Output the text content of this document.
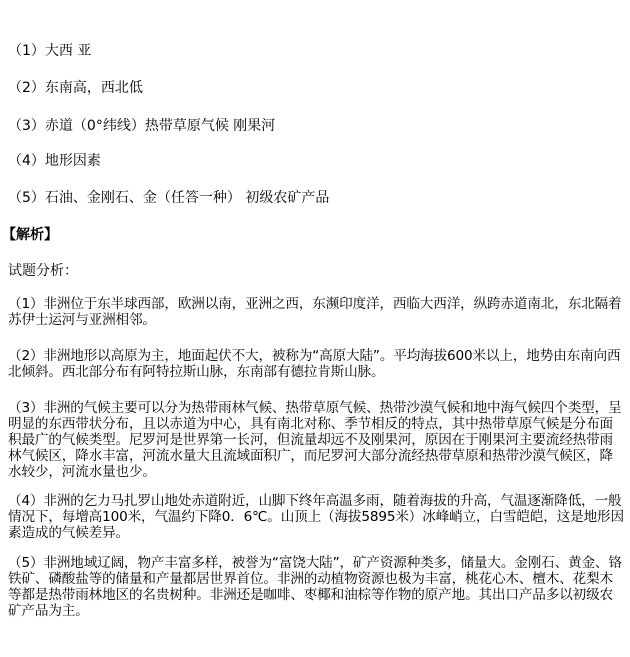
（1）大西 亚
（2）东南高，西北低
（3）赤道（0°纬线）热带草原气候 刚果河
（4）地形因素
（5）石油、金刚石、金（任答一种） 初级农矿产品
【解析】
试题分析：
（1）非洲位于东半球西部，欧洲以南，亚洲之西，东濒印度洋，西临大西洋，纵跨赤道南北，东北隔着苏伊士运河与亚洲相邻。
（2）非洲地形以高原为主，地面起伏不大，被称为“高原大陆”。平均海拔600米以上，地势由东南向西北倾斜。西北部分布有阿特拉斯山脉，东南部有德拉肯斯山脉。
（3）非洲的气候主要可以分为热带雨林气候、热带草原气候、热带沙漠气候和地中海气候四个类型，呈明显的东西带状分布，且以赤道为中心，具有南北对称、季节相反的特点，其中热带草原气候是分布面积最广的气候类型。尼罗河是世界第一长河，但流量却远不及刚果河，原因在于刚果河主要流经热带雨林气候区，降水丰富，河流水量大且流域面积广，而尼罗河大部分流经热带草原和热带沙漠气候区，降水较少，河流水量也少。
（4）非洲的乞力马扎罗山地处赤道附近，山脚下终年高温多雨，随着海拔的升高，气温逐渐降低，一般情况下，每增高100米，气温约下降0．6℃。山顶上（海拔5895米）冰峰峭立，白雪皑皑，这是地形因素造成的气候差异。
（5）非洲地域辽阔，物产丰富多样，被誉为“富饶大陆”，矿产资源种类多，储量大。金刚石、黄金、铬铁矿、磷酸盐等的储量和产量都居世界首位。非洲的动植物资源也极为丰富，桃花心木、檀木、花梨木等都是热带雨林地区的名贵树种。非洲还是咖啡、枣椰和油棕等作物的原产地。其出口产品多以初级农矿产品为主。
